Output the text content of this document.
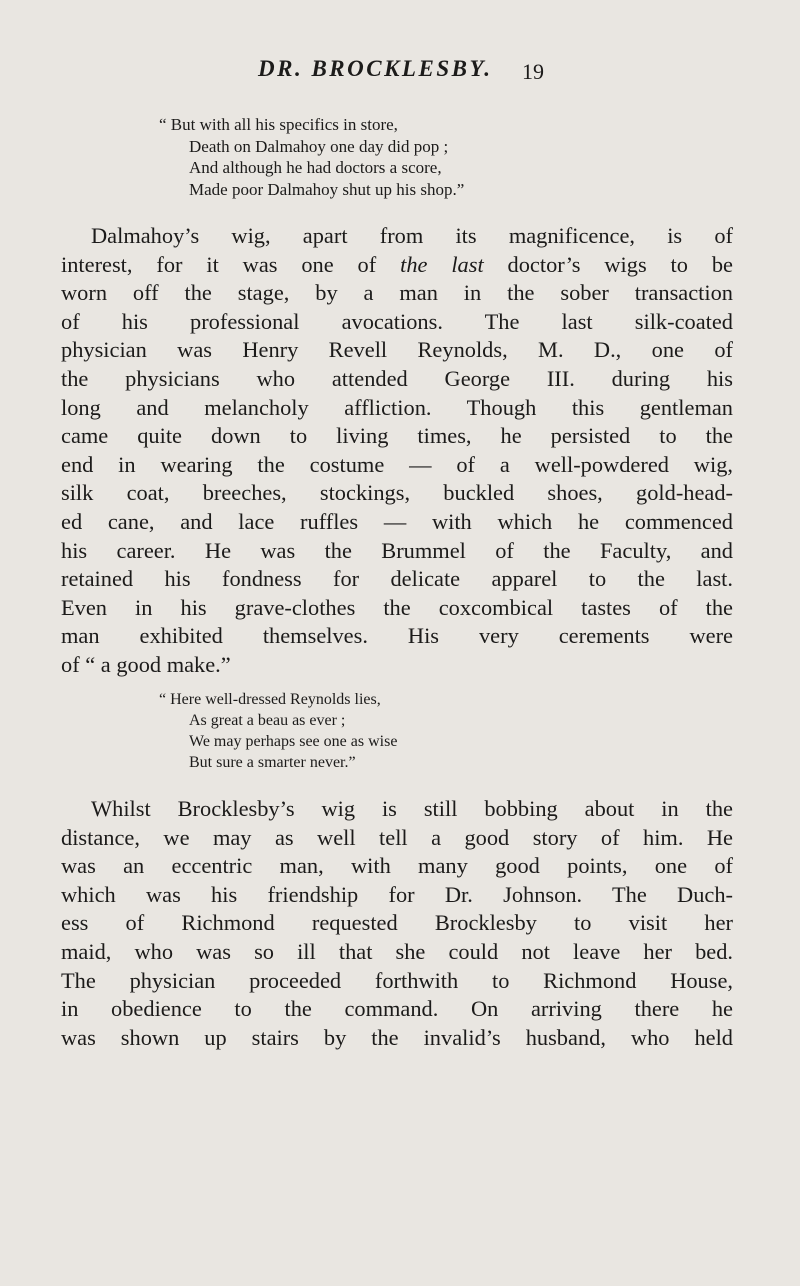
DR. BROCKLESBY. 19
“ But with all his specifics in store,
Death on Dalmahoy one day did pop ;
And although he had doctors a score,
Made poor Dalmahoy shut up his shop.”
Dalmahoy’s wig, apart from its magnificence, is of
interest, for it was one of the last doctor’s wigs to be
worn off the stage, by a man in the sober transaction
of his professional avocations. The last silk-coated
physician was Henry Revell Reynolds, M. D., one of
the physicians who attended George III. during his
long and melancholy affliction. Though this gentleman
came quite down to living times, he persisted to the
end in wearing the costume — of a well-powdered wig,
silk coat, breeches, stockings, buckled shoes, gold-head-
ed cane, and lace ruffles — with which he commenced
his career. He was the Brummel of the Faculty, and
retained his fondness for delicate apparel to the last.
Even in his grave-clothes the coxcombical tastes of the
man exhibited themselves. His very cerements were
of “ a good make.”
“ Here well-dressed Reynolds lies,
As great a beau as ever ;
We may perhaps see one as wise
But sure a smarter never.”
Whilst Brocklesby’s wig is still bobbing about in the
distance, we may as well tell a good story of him. He
was an eccentric man, with many good points, one of
which was his friendship for Dr. Johnson. The Duch-
ess of Richmond requested Brocklesby to visit her
maid, who was so ill that she could not leave her bed.
The physician proceeded forthwith to Richmond House,
in obedience to the command. On arriving there he
was shown up stairs by the invalid’s husband, who held
